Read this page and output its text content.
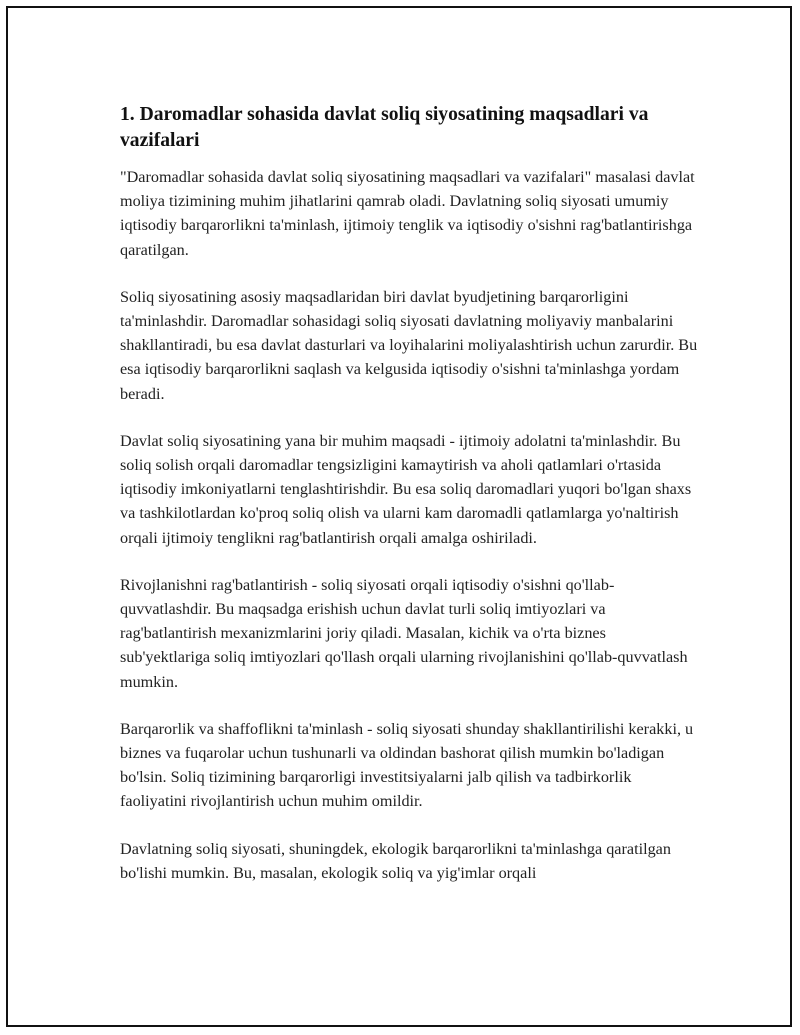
1. Daromadlar sohasida davlat soliq siyosatining maqsadlari va vazifalari

"Daromadlar sohasida davlat soliq siyosatining maqsadlari va vazifalari" masalasi davlat moliya tizimining muhim jihatlarini qamrab oladi. Davlatning soliq siyosati umumiy iqtisodiy barqarorlikni ta'minlash, ijtimoiy tenglik va iqtisodiy o'sishni rag'batlantirishga qaratilgan.

Soliq siyosatining asosiy maqsadlaridan biri davlat byudjetining barqarorligini ta'minlashdir. Daromadlar sohasidagi soliq siyosati davlatning moliyaviy manbalarini shakllantiradi, bu esa davlat dasturlari va loyihalarini moliyalashtirish uchun zarurdir. Bu esa iqtisodiy barqarorlikni saqlash va kelgusida iqtisodiy o'sishni ta'minlashga yordam beradi.

Davlat soliq siyosatining yana bir muhim maqsadi - ijtimoiy adolatni ta'minlashdir. Bu soliq solish orqali daromadlar tengsizligini kamaytirish va aholi qatlamlari o'rtasida iqtisodiy imkoniyatlarni tenglashtirishdir. Bu esa soliq daromadlari yuqori bo'lgan shaxs va tashkilotlardan ko'proq soliq olish va ularni kam daromadli qatlamlarga yo'naltirish orqali ijtimoiy tenglikni rag'batlantirish orqali amalga oshiriladi.

Rivojlanishni rag'batlantirish - soliq siyosati orqali iqtisodiy o'sishni qo'llab-quvvatlashdir. Bu maqsadga erishish uchun davlat turli soliq imtiyozlari va rag'batlantirish mexanizmlarini joriy qiladi. Masalan, kichik va o'rta biznes sub'yektlariga soliq imtiyozlari qo'llash orqali ularning rivojlanishini qo'llab-quvvatlash mumkin.

Barqarorlik va shaffoflikni ta'minlash - soliq siyosati shunday shakllantirilishi kerakki, u biznes va fuqarolar uchun tushunarli va oldindan bashorat qilish mumkin bo'ladigan bo'lsin. Soliq tizimining barqarorligi investitsiyalarni jalb qilish va tadbirkorlik faoliyatini rivojlantirish uchun muhim omildir.

Davlatning soliq siyosati, shuningdek, ekologik barqarorlikni ta'minlashga qaratilgan bo'lishi mumkin. Bu, masalan, ekologik soliq va yig'imlar orqali
